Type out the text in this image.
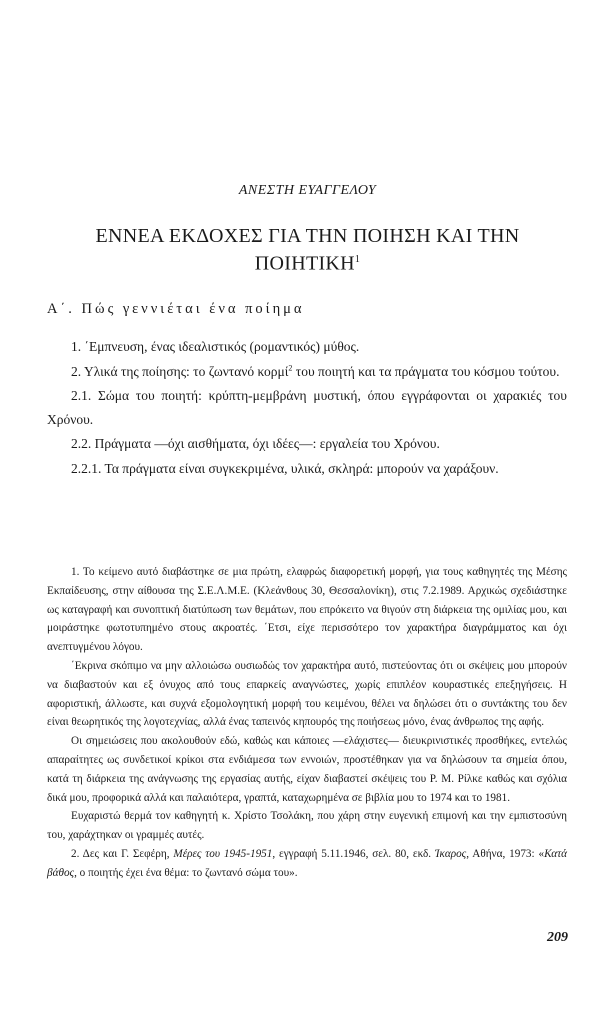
ΑΝΕΣΤΗ ΕΥΑΓΓΕΛΟΥ
ΕΝΝΕΑ ΕΚΔΟΧΕΣ ΓΙΑ ΤΗΝ ΠΟΙΗΣΗ ΚΑΙ ΤΗΝ ΠΟΙΗΤΙΚΗ$^1$
Α΄. Πώς γεννιέται ένα ποίημα

1. ΄Εμπνευση, ένας ιδεαλιστικός (ρομαντικός) μύθος.

2. Υλικά της ποίησης: το ζωντανό κορμί$^2$ του ποιητή και τα πράγματα του κόσμου τούτου.

2.1. Σώμα του ποιητή: κρύπτη-μεμβράνη μυστική, όπου εγγράφονται οι χαρακιές του Χρόνου.

2.2. Πράγματα —όχι αισθήματα, όχι ιδέες—: εργαλεία του Χρόνου.

2.2.1. Τα πράγματα είναι συγκεκριμένα, υλικά, σκληρά: μπορούν να χαράξουν.

1. Το κείμενο αυτό διαβάστηκε σε μια πρώτη, ελαφρώς διαφορετική μορφή, για τους καθηγητές της Μέσης Εκπαίδευσης, στην αίθουσα της Σ.Ε.Λ.Μ.Ε. (Κλεάνθους 30, Θεσσαλονίκη), στις 7.2.1989. Αρχικώς σχεδιάστηκε ως καταγραφή και συνοπτική διατύπωση των θεμάτων, που επρόκειτο να θιγούν στη διάρκεια της ομιλίας μου, και μοιράστηκε φωτοτυπημένο στους ακροατές. ΄Ετσι, είχε περισσότερο τον χαρακτήρα διαγράμματος και όχι ανεπτυγμένου λόγου.

΄Εκρινα σκόπιμο να μην αλλοιώσω ουσιωδώς τον χαρακτήρα αυτό, πιστεύοντας ότι οι σκέψεις μου μπορούν να διαβαστούν και εξ όνυχος από τους επαρκείς αναγνώστες, χωρίς επιπλέον κουραστικές επεξηγήσεις. Η αφοριστική, άλλωστε, και συχνά εξομολογητική μορφή του κειμένου, θέλει να δηλώσει ότι ο συντάκτης του δεν είναι θεωρητικός της λογοτεχνίας, αλλά ένας ταπεινός κηπουρός της ποιήσεως μόνο, ένας άνθρωπος της αφής.

Οι σημειώσεις που ακολουθούν εδώ, καθώς και κάποιες —ελάχιστες— διευκρινιστικές προσθήκες, εντελώς απαραίτητες ως συνδετικοί κρίκοι στα ενδιάμεσα των εννοιών, προστέθηκαν για να δηλώσουν τα σημεία όπου, κατά τη διάρκεια της ανάγνωσης της εργασίας αυτής, είχαν διαβαστεί σκέψεις του Ρ. Μ. Ρίλκε καθώς και σχόλια δικά μου, προφορικά αλλά και παλαιότερα, γραπτά, καταχωρημένα σε βιβλία μου το 1974 και το 1981.

Ευχαριστώ θερμά τον καθηγητή κ. Χρίστο Τσολάκη, που χάρη στην ευγενική επιμονή και την εμπιστοσύνη του, χαράχτηκαν οι γραμμές αυτές.

2. Δες και Γ. Σεφέρη, Μέρες του 1945-1951, εγγραφή 5.11.1946, σελ. 80, εκδ. Ίκαρος, Αθήνα, 1973: «Κατά βάθος, ο ποιητής έχει ένα θέμα: το ζωντανό σώμα του».

209
